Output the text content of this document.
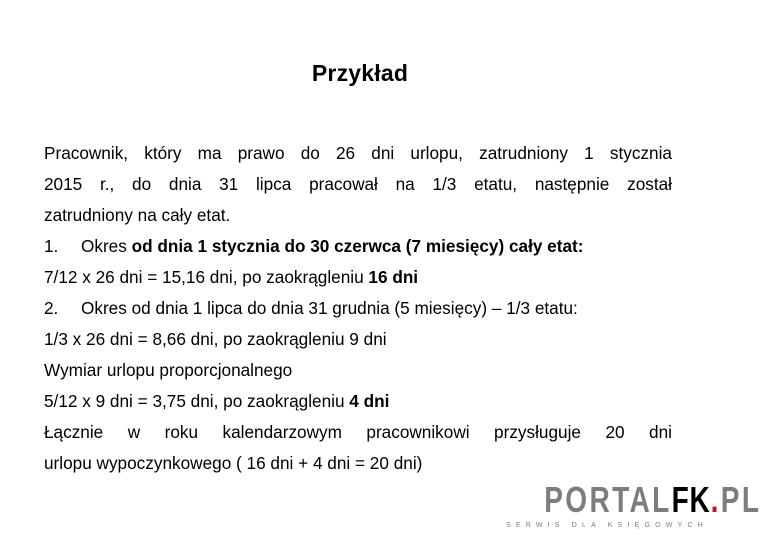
Przykład
Pracownik, który ma prawo do 26 dni urlopu, zatrudniony 1 stycznia
2015 r., do dnia 31 lipca pracował na 1/3 etatu, następnie został
zatrudniony na cały etat.
1.	Okres od dnia 1 stycznia do 30 czerwca (7 miesięcy) cały etat:
7/12 x 26 dni = 15,16 dni, po zaokrągleniu 16 dni
2.	Okres od dnia 1 lipca do dnia 31 grudnia (5 miesięcy) – 1/3 etatu:
1/3 x 26 dni = 8,66 dni, po zaokrągleniu 9 dni
Wymiar urlopu proporcjonalnego
5/12 x 9 dni = 3,75 dni, po zaokrągleniu 4 dni
Łącznie w roku kalendarzowym pracownikowi przysługuje 20 dni
urlopu wypoczynkowego ( 16 dni + 4 dni = 20 dni)
PORTALFK.PL
SERWIS DLA KSIĘGOWYCH
